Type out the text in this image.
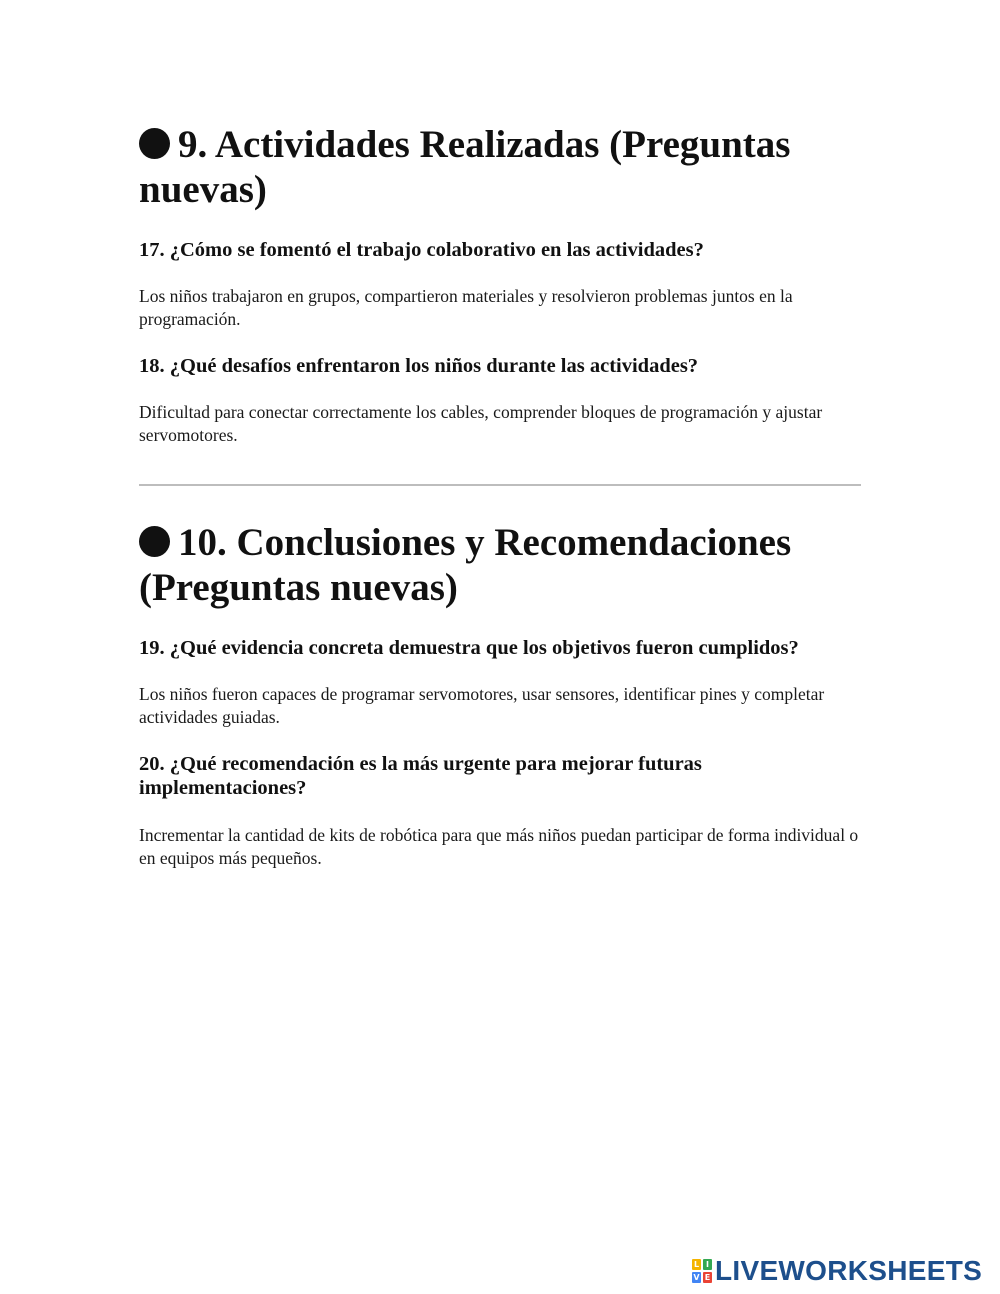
9. Actividades Realizadas (Preguntas nuevas)
17. ¿Cómo se fomentó el trabajo colaborativo en las actividades?

Los niños trabajaron en grupos, compartieron materiales y resolvieron problemas juntos en la programación.

18. ¿Qué desafíos enfrentaron los niños durante las actividades?

Dificultad para conectar correctamente los cables, comprender bloques de programación y ajustar servomotores.

10. Conclusiones y Recomendaciones (Preguntas nuevas)
19. ¿Qué evidencia concreta demuestra que los objetivos fueron cumplidos?

Los niños fueron capaces de programar servomotores, usar sensores, identificar pines y completar actividades guiadas.

20. ¿Qué recomendación es la más urgente para mejorar futuras implementaciones?

Incrementar la cantidad de kits de robótica para que más niños puedan participar de forma individual o en equipos más pequeños.

L I
V E LIVEWORKSHEETS
